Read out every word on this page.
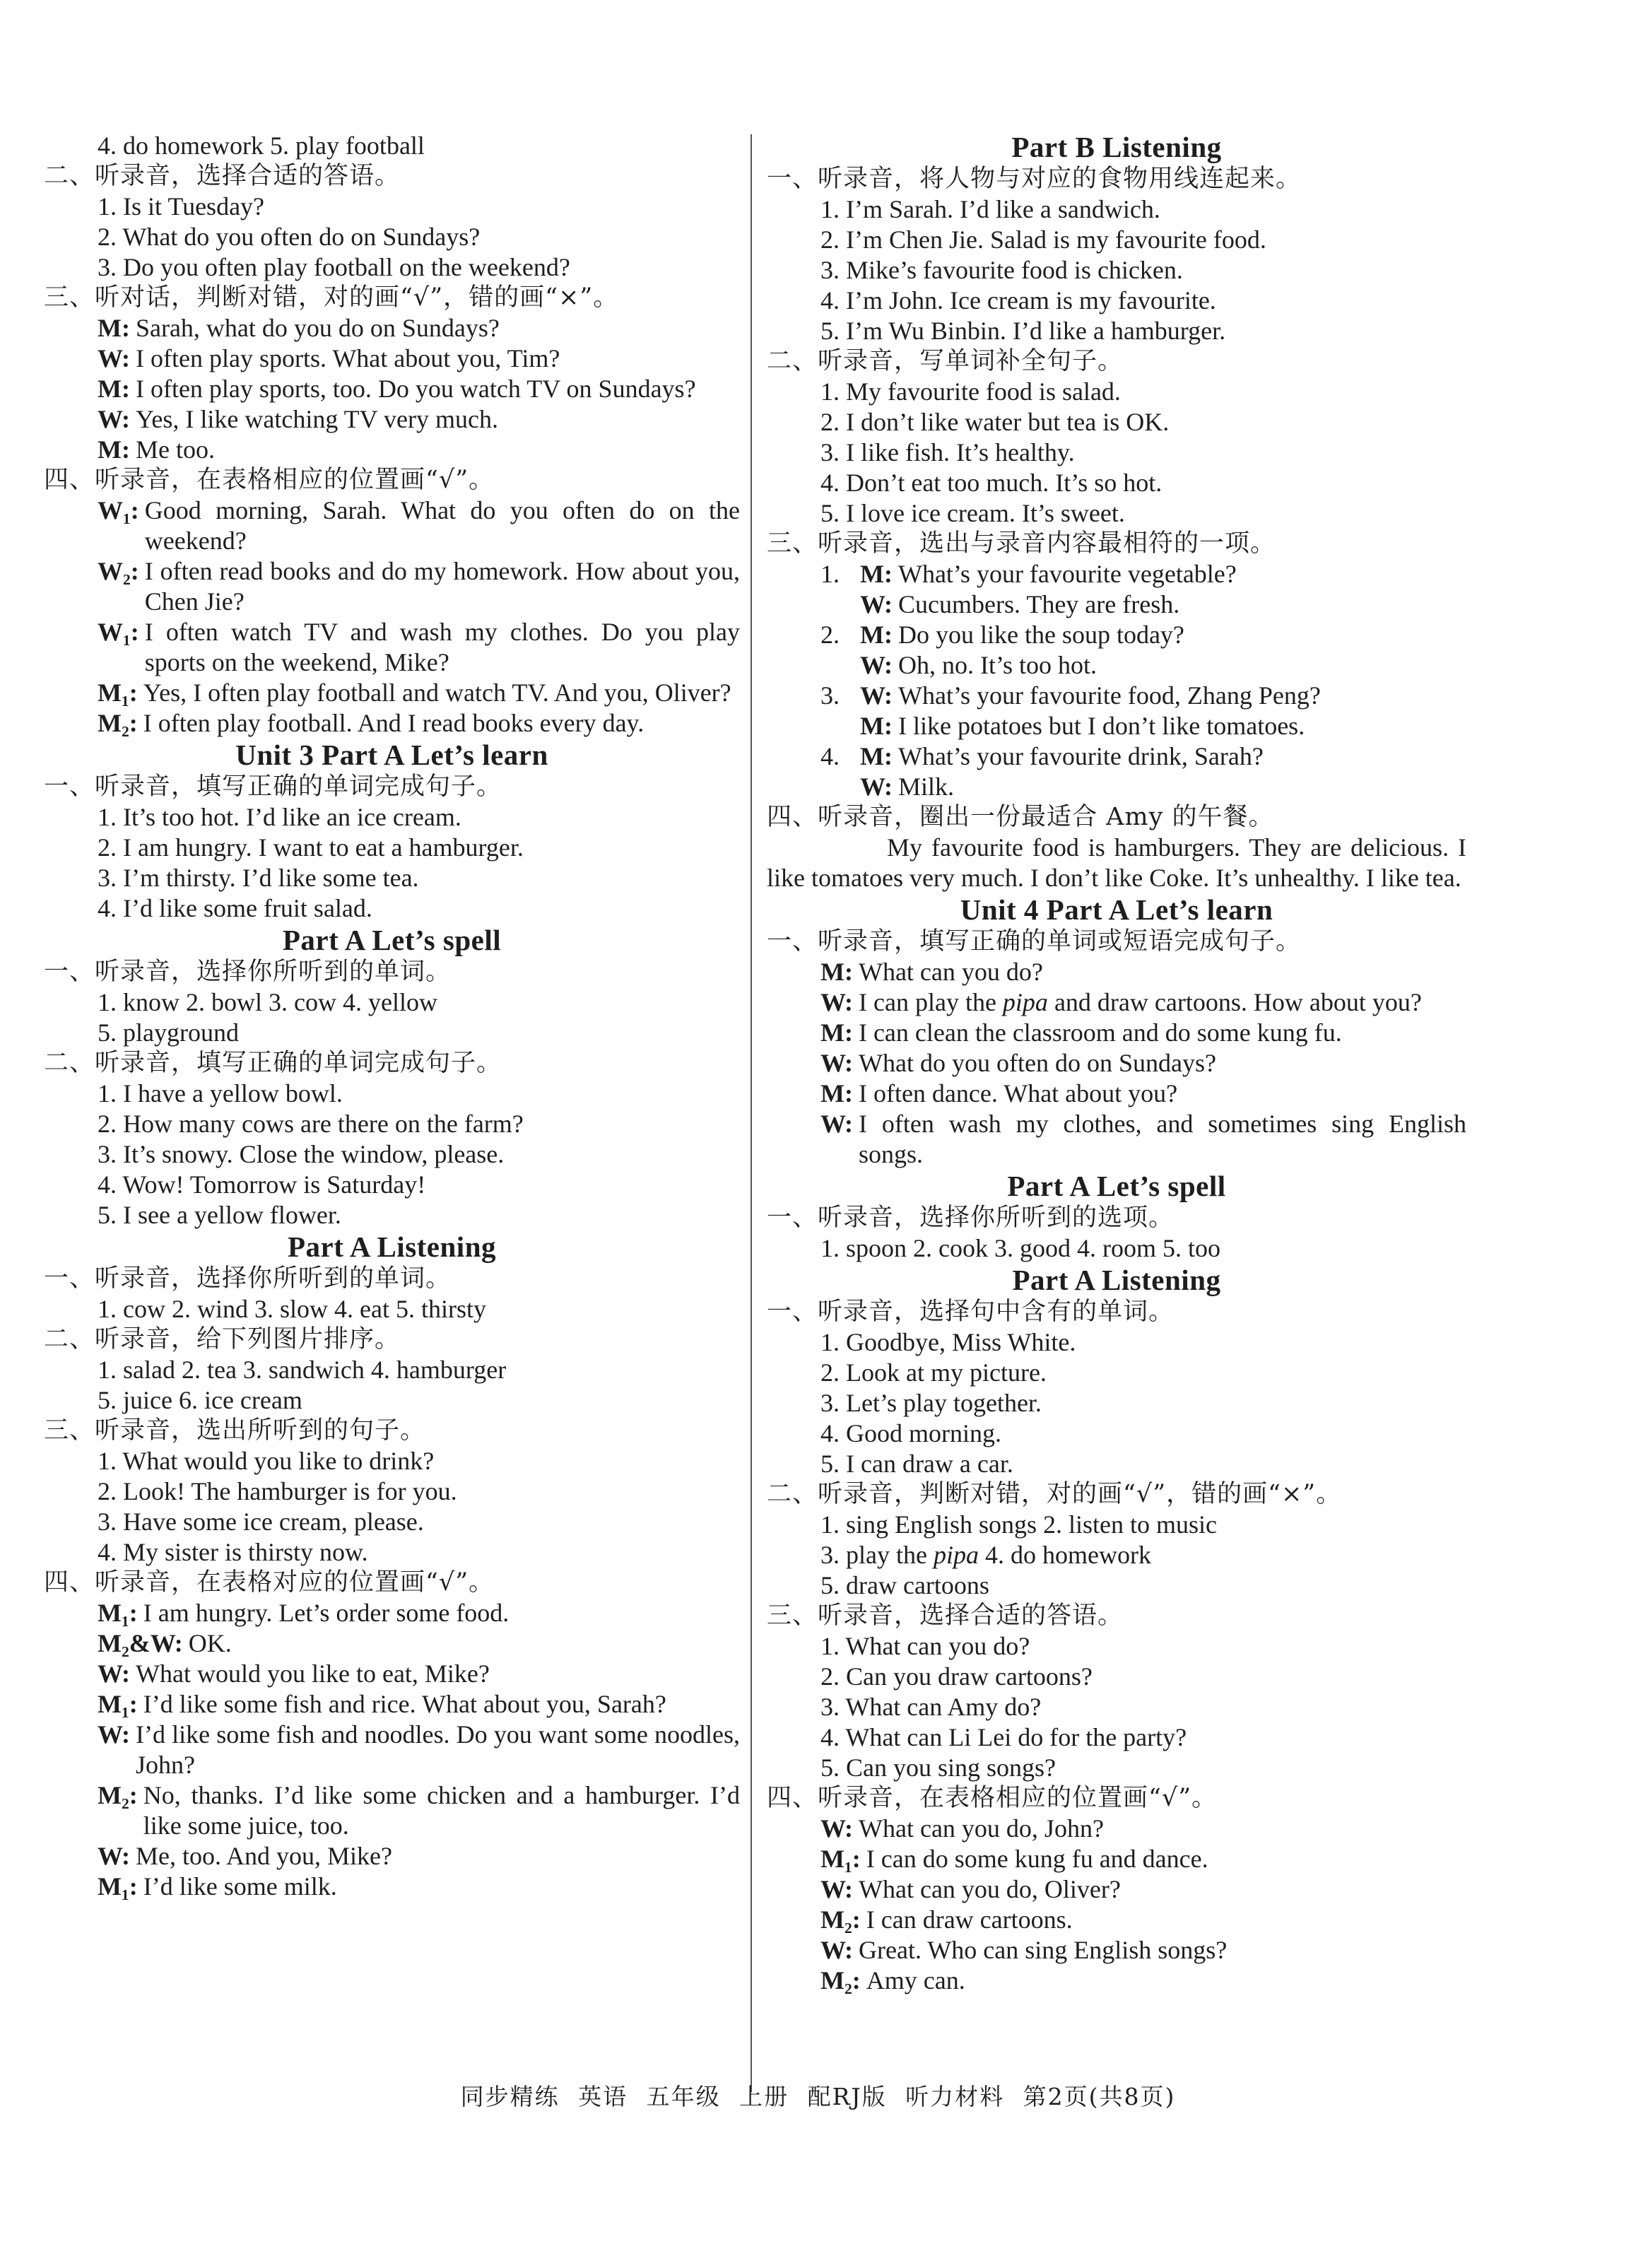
4. do homework 5. play football
二、听录音，选择合适的答语。
1. Is it Tuesday?
2. What do you often do on Sundays?
3. Do you often play football on the weekend?
三、听对话，判断对错，对的画“√”，错的画“×”。
M: Sarah, what do you do on Sundays?
W: I often play sports. What about you, Tim?
M: I often play sports, too. Do you watch TV on Sundays?
W: Yes, I like watching TV very much.
M: Me too.
四、听录音，在表格相应的位置画“√”。
W₁: Good morning, Sarah. What do you often do on the weekend?
W₂: I often read books and do my homework. How about you, Chen Jie?
W₁: I often watch TV and wash my clothes. Do you play sports on the weekend, Mike?
M₁: Yes, I often play football and watch TV. And you, Oliver?
M₂: I often play football. And I read books every day.
Unit 3 Part A Let’s learn
一、听录音，填写正确的单词完成句子。
1. It’s too hot. I’d like an ice cream.
2. I am hungry. I want to eat a hamburger.
3. I’m thirsty. I’d like some tea.
4. I’d like some fruit salad.
Part A Let’s spell
一、听录音，选择你所听到的单词。
1. know 2. bowl 3. cow 4. yellow
5. playground
二、听录音，填写正确的单词完成句子。
1. I have a yellow bowl.
2. How many cows are there on the farm?
3. It’s snowy. Close the window, please.
4. Wow! Tomorrow is Saturday!
5. I see a yellow flower.
Part A Listening
一、听录音，选择你所听到的单词。
1. cow 2. wind 3. slow 4. eat 5. thirsty
二、听录音，给下列图片排序。
1. salad 2. tea 3. sandwich 4. hamburger
5. juice 6. ice cream
三、听录音，选出所听到的句子。
1. What would you like to drink?
2. Look! The hamburger is for you.
3. Have some ice cream, please.
4. My sister is thirsty now.
四、听录音，在表格对应的位置画“√”。
M₁: I am hungry. Let’s order some food.
M₂&W: OK.
W: What would you like to eat, Mike?
M₁: I’d like some fish and rice. What about you, Sarah?
W: I’d like some fish and noodles. Do you want some noodles, John?
M₂: No, thanks. I’d like some chicken and a hamburger. I’d like some juice, too.
W: Me, too. And you, Mike?
M₁: I’d like some milk.
Part B Listening
一、听录音，将人物与对应的食物用线连起来。
1. I’m Sarah. I’d like a sandwich.
2. I’m Chen Jie. Salad is my favourite food.
3. Mike’s favourite food is chicken.
4. I’m John. Ice cream is my favourite.
5. I’m Wu Binbin. I’d like a hamburger.
二、听录音，写单词补全句子。
1. My favourite food is salad.
2. I don’t like water but tea is OK.
3. I like fish. It’s healthy.
4. Don’t eat too much. It’s so hot.
5. I love ice cream. It’s sweet.
三、听录音，选出与录音内容最相符的一项。
1. M: What’s your favourite vegetable?
W: Cucumbers. They are fresh.
2. M: Do you like the soup today?
W: Oh, no. It’s too hot.
3. W: What’s your favourite food, Zhang Peng?
M: I like potatoes but I don’t like tomatoes.
4. M: What’s your favourite drink, Sarah?
W: Milk.
四、听录音，圈出一份最适合 Amy 的午餐。
My favourite food is hamburgers. They are delicious. I like tomatoes very much. I don’t like Coke. It’s unhealthy. I like tea.
Unit 4 Part A Let’s learn
一、听录音，填写正确的单词或短语完成句子。
M: What can you do?
W: I can play the pipa and draw cartoons. How about you?
M: I can clean the classroom and do some kung fu.
W: What do you often do on Sundays?
M: I often dance. What about you?
W: I often wash my clothes, and sometimes sing English songs.
Part A Let’s spell
一、听录音，选择你所听到的选项。
1. spoon 2. cook 3. good 4. room 5. too
Part A Listening
一、听录音，选择句中含有的单词。
1. Goodbye, Miss White.
2. Look at my picture.
3. Let’s play together.
4. Good morning.
5. I can draw a car.
二、听录音，判断对错，对的画“√”，错的画“×”。
1. sing English songs 2. listen to music
3. play the pipa 4. do homework
5. draw cartoons
三、听录音，选择合适的答语。
1. What can you do?
2. Can you draw cartoons?
3. What can Amy do?
4. What can Li Lei do for the party?
5. Can you sing songs?
四、听录音，在表格相应的位置画“√”。
W: What can you do, John?
M₁: I can do some kung fu and dance.
W: What can you do, Oliver?
M₂: I can draw cartoons.
W: Great. Who can sing English songs?
M₂: Amy can.
同步精练 英语 五年级 上册 配RJ版 听力材料 第2页(共8页)
